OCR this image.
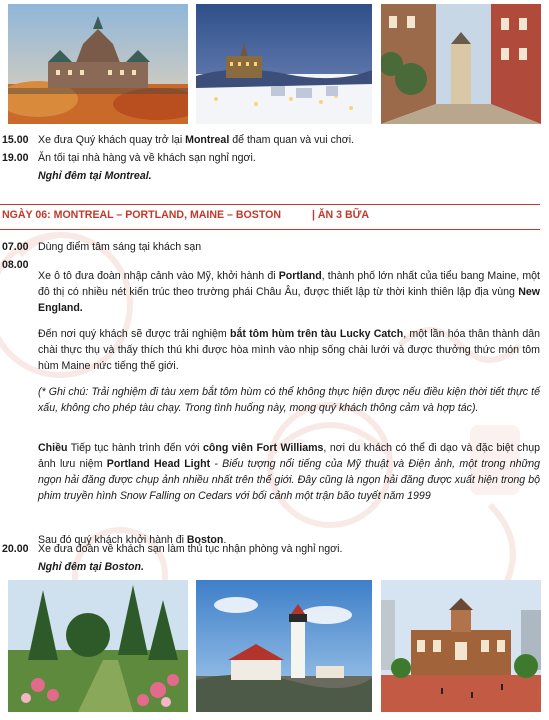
15.00 Xe đưa Quý khách quay trở lại Montreal để tham quan và vui chơi.
19.00 Ăn tối tại nhà hàng và về khách sạn nghỉ ngơi.
Nghỉ đêm tại Montreal.
NGÀY 06: MONTREAL – PORTLAND, MAINE – BOSTON	| ĂN 3 BỮA
07.00 Dùng điểm tâm sáng tại khách sạn
08.00

Xe ô tô đưa đoàn nhập cảnh vào Mỹ, khởi hành đi Portland, thành phố lớn nhất của tiểu bang Maine, một đô thị có nhiều nét kiến trúc theo trường phái Châu Âu, được thiết lập từ thời kinh thiên lập địa vùng New England.

Đến nơi quý khách sẽ được trải nghiệm bắt tôm hùm trên tàu Lucky Catch, một lần hóa thân thành dân chài thực thụ và thấy thích thú khi được hòa mình vào nhịp sống chài lưới và được thưởng thức món tôm hùm Maine nức tiếng thế giới.

(* Ghi chú: Trải nghiệm đi tàu xem bắt tôm hùm có thể không thực hiện được nếu điều kiện thời tiết thực tế xấu, không cho phép tàu chạy. Trong tình huống này, mong quý khách thông cảm và hợp tác).

Chiều Tiếp tục hành trình đến với công viên Fort Williams, nơi du khách có thể đi dạo và đặc biệt chụp ảnh lưu niệm Portland Head Light - Biểu tượng nổi tiếng của Mỹ thuật và Điện ảnh, một trong những ngọn hải đăng được chụp ảnh nhiều nhất trên thế giới. Đây cũng là ngọn hải đăng được xuất hiện trong bộ phim truyền hình Snow Falling on Cedars với bối cảnh một trận bão tuyết năm 1999

Sau đó quý khách khởi hành đi Boston.

20.00 Xe đưa đoàn về khách sạn làm thủ tục nhận phòng và nghỉ ngơi.
Nghỉ đêm tại Boston.
